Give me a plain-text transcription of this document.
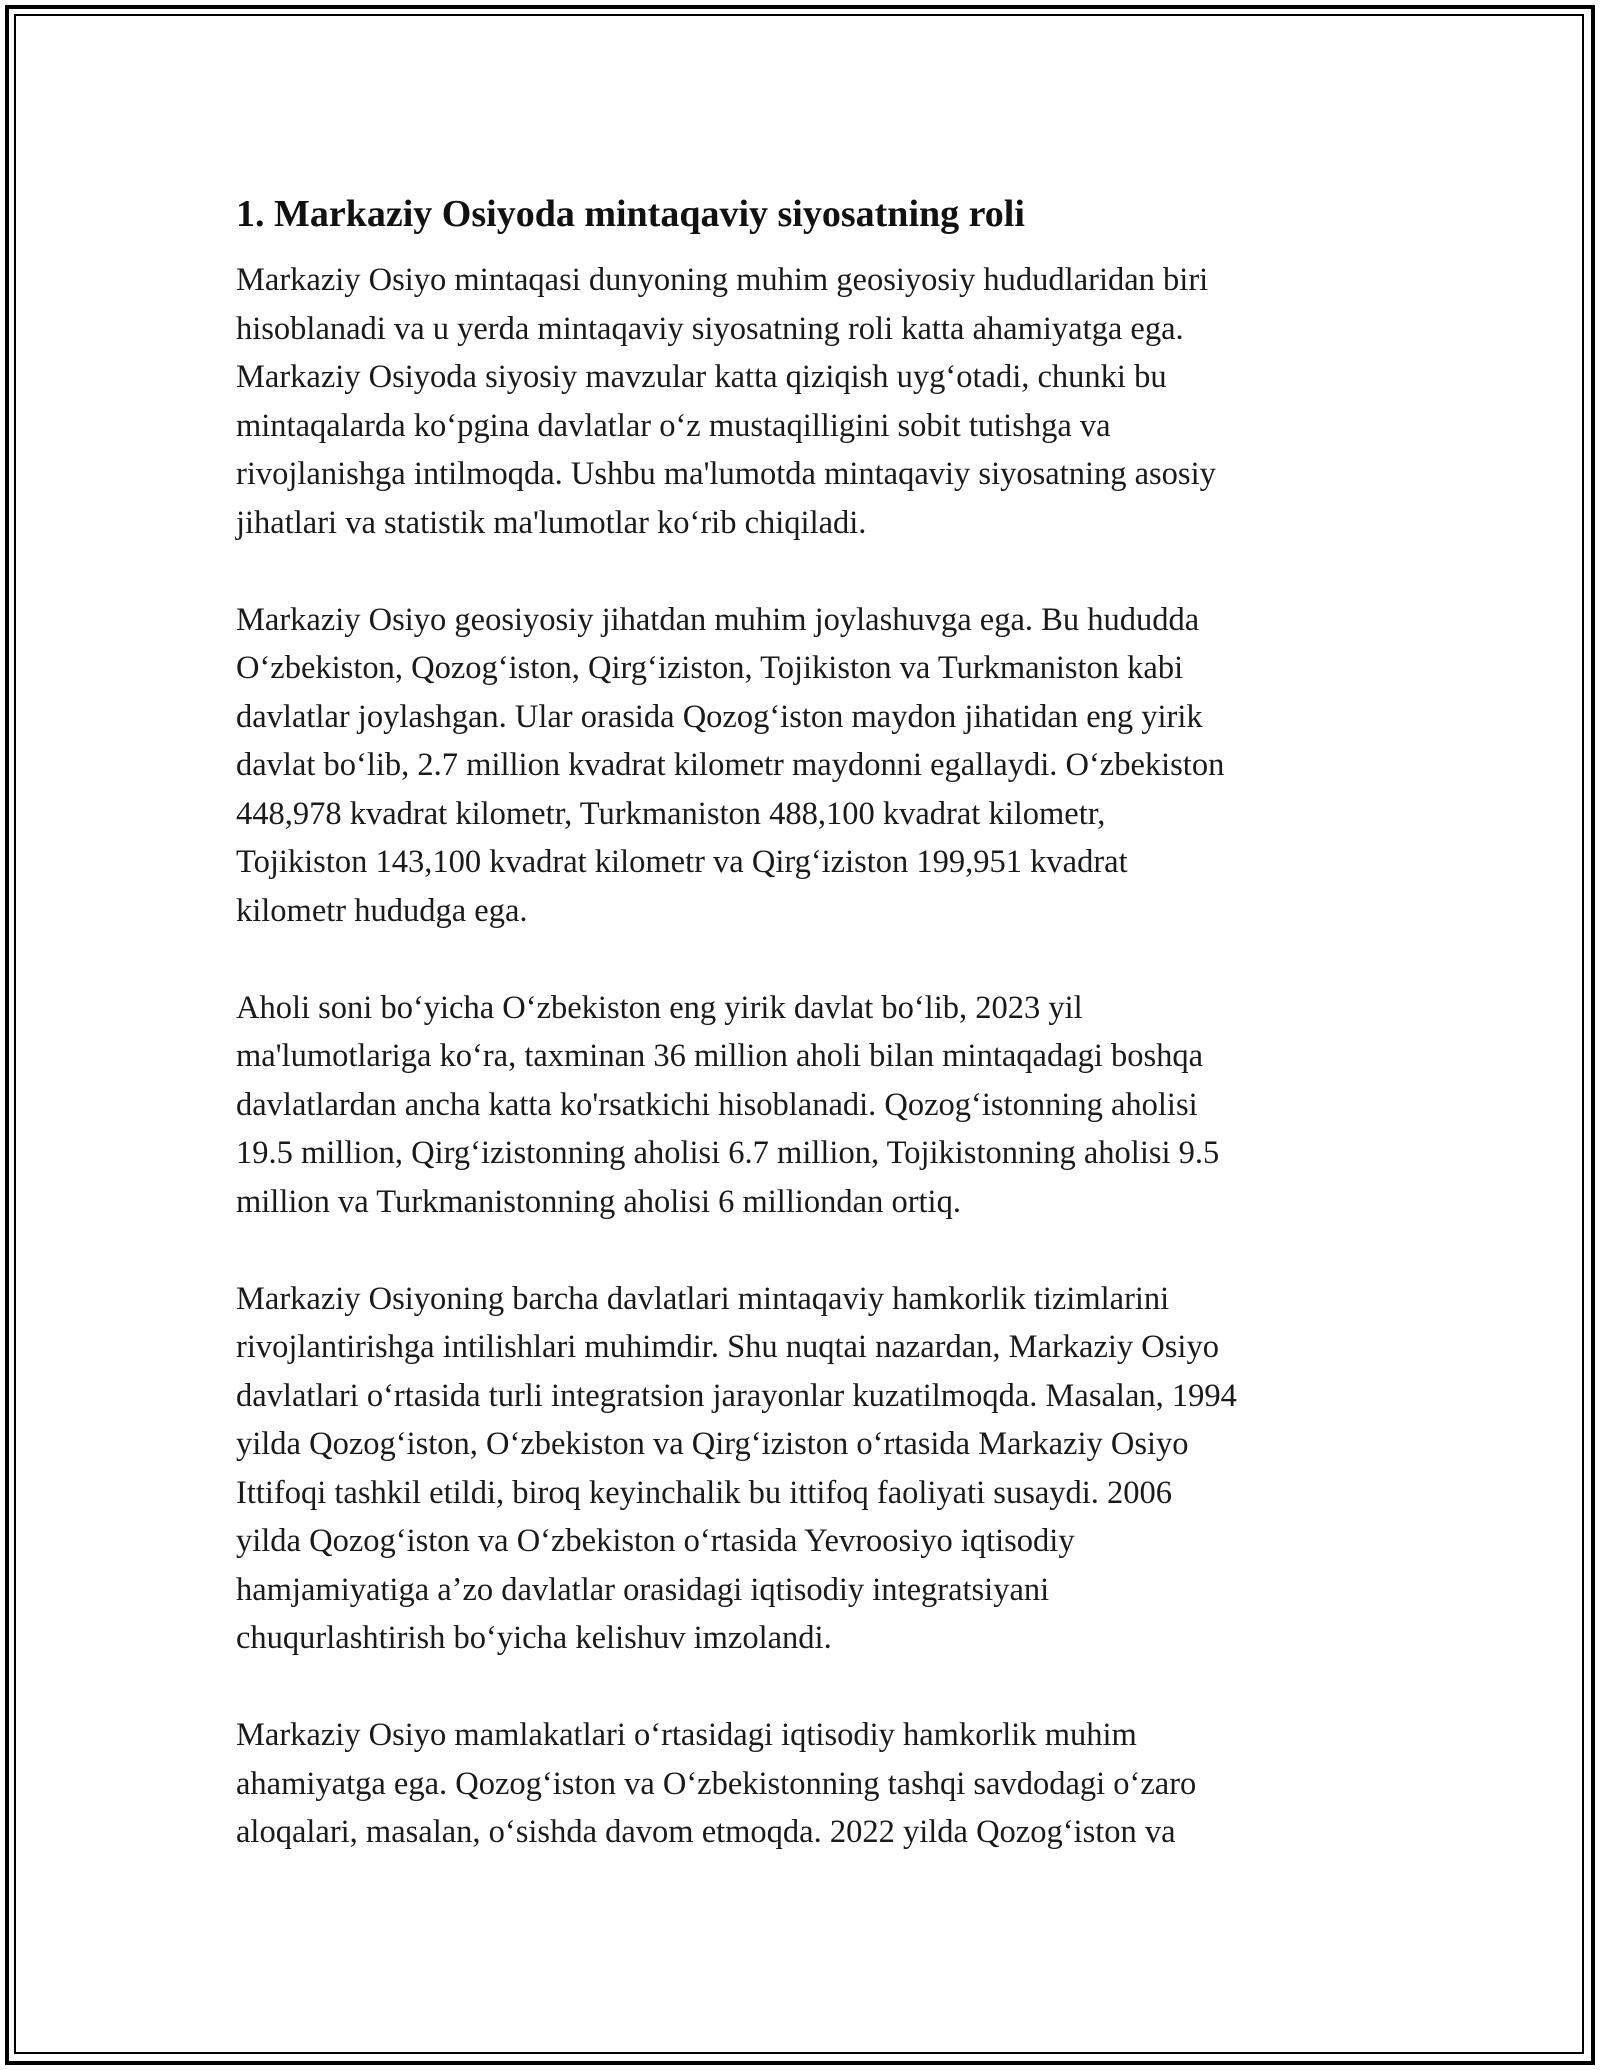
1. Markaziy Osiyoda mintaqaviy siyosatning roli

Markaziy Osiyo mintaqasi dunyoning muhim geosiyosiy hududlaridan biri
hisoblanadi va u yerda mintaqaviy siyosatning roli katta ahamiyatga ega.
Markaziy Osiyoda siyosiy mavzular katta qiziqish uygʻotadi, chunki bu
mintaqalarda koʻpgina davlatlar oʻz mustaqilligini sobit tutishga va
rivojlanishga intilmoqda. Ushbu ma'lumotda mintaqaviy siyosatning asosiy
jihatlari va statistik ma'lumotlar koʻrib chiqiladi.

Markaziy Osiyo geosiyosiy jihatdan muhim joylashuvga ega. Bu hududda
Oʻzbekiston, Qozogʻiston, Qirgʻiziston, Tojikiston va Turkmaniston kabi
davlatlar joylashgan. Ular orasida Qozogʻiston maydon jihatidan eng yirik
davlat boʻlib, 2.7 million kvadrat kilometr maydonni egallaydi. Oʻzbekiston
448,978 kvadrat kilometr, Turkmaniston 488,100 kvadrat kilometr,
Tojikiston 143,100 kvadrat kilometr va Qirgʻiziston 199,951 kvadrat
kilometr hududga ega.

Aholi soni boʻyicha Oʻzbekiston eng yirik davlat boʻlib, 2023 yil
ma'lumotlariga koʻra, taxminan 36 million aholi bilan mintaqadagi boshqa
davlatlardan ancha katta ko'rsatkichi hisoblanadi. Qozogʻistonning aholisi
19.5 million, Qirgʻizistonning aholisi 6.7 million, Tojikistonning aholisi 9.5
million va Turkmanistonning aholisi 6 milliondan ortiq.

Markaziy Osiyoning barcha davlatlari mintaqaviy hamkorlik tizimlarini
rivojlantirishga intilishlari muhimdir. Shu nuqtai nazardan, Markaziy Osiyo
davlatlari oʻrtasida turli integratsion jarayonlar kuzatilmoqda. Masalan, 1994
yilda Qozogʻiston, Oʻzbekiston va Qirgʻiziston oʻrtasida Markaziy Osiyo
Ittifoqi tashkil etildi, biroq keyinchalik bu ittifoq faoliyati susaydi. 2006
yilda Qozogʻiston va Oʻzbekiston oʻrtasida Yevroosiyo iqtisodiy
hamjamiyatiga aʼzo davlatlar orasidagi iqtisodiy integratsiyani
chuqurlashtirish boʻyicha kelishuv imzolandi.

Markaziy Osiyo mamlakatlari oʻrtasidagi iqtisodiy hamkorlik muhim
ahamiyatga ega. Qozogʻiston va Oʻzbekistonning tashqi savdodagi oʻzaro
aloqalari, masalan, oʻsishda davom etmoqda. 2022 yilda Qozogʻiston va
